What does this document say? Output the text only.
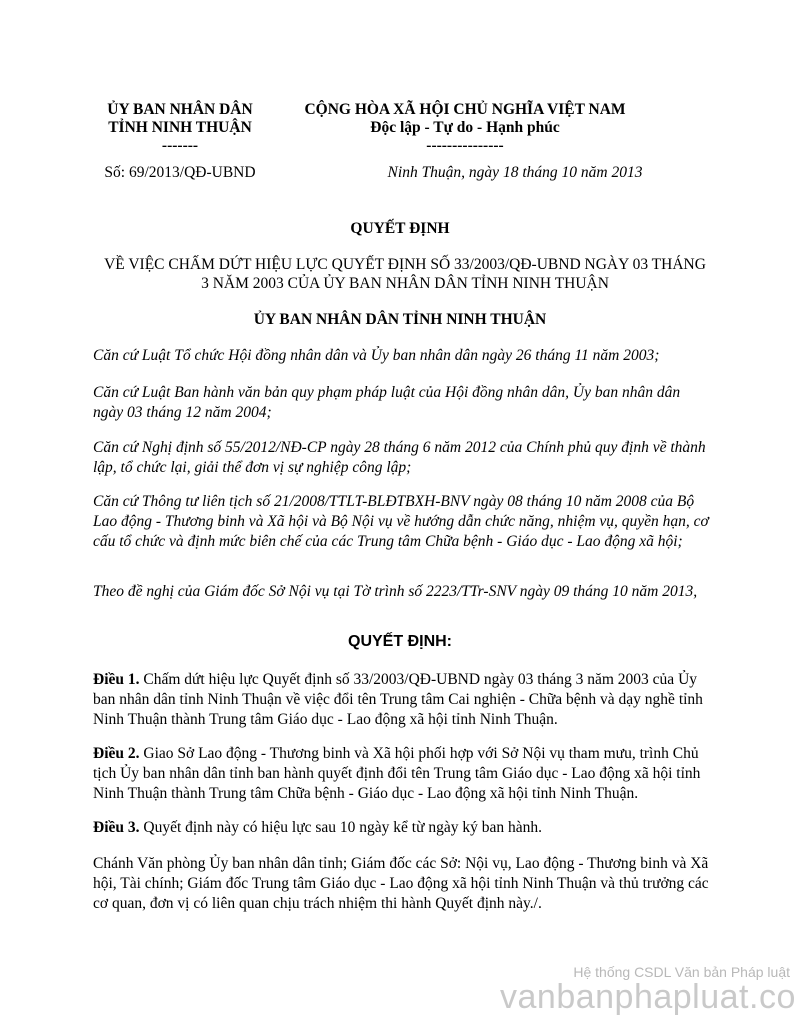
ỦY BAN NHÂN DÂN
TỈNH NINH THUẬN
-------
CỘNG HÒA XÃ HỘI CHỦ NGHĨA VIỆT NAM
Độc lập - Tự do - Hạnh phúc
---------------
Số: 69/2013/QĐ-UBND	Ninh Thuận, ngày 18 tháng 10 năm 2013
QUYẾT ĐỊNH
VỀ VIỆC CHẤM DỨT HIỆU LỰC QUYẾT ĐỊNH SỐ 33/2003/QĐ-UBND NGÀY 03 THÁNG
3 NĂM 2003 CỦA ỦY BAN NHÂN DÂN TỈNH NINH THUẬN
ỦY BAN NHÂN DÂN TỈNH NINH THUẬN
Căn cứ Luật Tổ chức Hội đồng nhân dân và Ủy ban nhân dân ngày 26 tháng 11 năm 2003;
Căn cứ Luật Ban hành văn bản quy phạm pháp luật của Hội đồng nhân dân, Ủy ban nhân dân ngày 03 tháng 12 năm 2004;
Căn cứ Nghị định số 55/2012/NĐ-CP ngày 28 tháng 6 năm 2012 của Chính phủ quy định về thành lập, tổ chức lại, giải thể đơn vị sự nghiệp công lập;
Căn cứ Thông tư liên tịch số 21/2008/TTLT-BLĐTBXH-BNV ngày 08 tháng 10 năm 2008 của Bộ Lao động - Thương binh và Xã hội và Bộ Nội vụ về hướng dẫn chức năng, nhiệm vụ, quyền hạn, cơ cấu tổ chức và định mức biên chế của các Trung tâm Chữa bệnh - Giáo dục - Lao động xã hội;
Theo đề nghị của Giám đốc Sở Nội vụ tại Tờ trình số 2223/TTr-SNV ngày 09 tháng 10 năm 2013,
QUYẾT ĐỊNH:
Điều 1. Chấm dứt hiệu lực Quyết định số 33/2003/QĐ-UBND ngày 03 tháng 3 năm 2003 của Ủy ban nhân dân tỉnh Ninh Thuận về việc đổi tên Trung tâm Cai nghiện - Chữa bệnh và dạy nghề tỉnh Ninh Thuận thành Trung tâm Giáo dục - Lao động xã hội tỉnh Ninh Thuận.
Điều 2. Giao Sở Lao động - Thương binh và Xã hội phối hợp với Sở Nội vụ tham mưu, trình Chủ tịch Ủy ban nhân dân tỉnh ban hành quyết định đổi tên Trung tâm Giáo dục - Lao động xã hội tỉnh Ninh Thuận thành Trung tâm Chữa bệnh - Giáo dục - Lao động xã hội tỉnh Ninh Thuận.
Điều 3. Quyết định này có hiệu lực sau 10 ngày kể từ ngày ký ban hành.
Chánh Văn phòng Ủy ban nhân dân tỉnh; Giám đốc các Sở: Nội vụ, Lao động - Thương binh và Xã hội, Tài chính; Giám đốc Trung tâm Giáo dục - Lao động xã hội tỉnh Ninh Thuận và thủ trưởng các cơ quan, đơn vị có liên quan chịu trách nhiệm thi hành Quyết định này./.
Hệ thống CSDL Văn bản Pháp luật
vanbanphapluat.co
